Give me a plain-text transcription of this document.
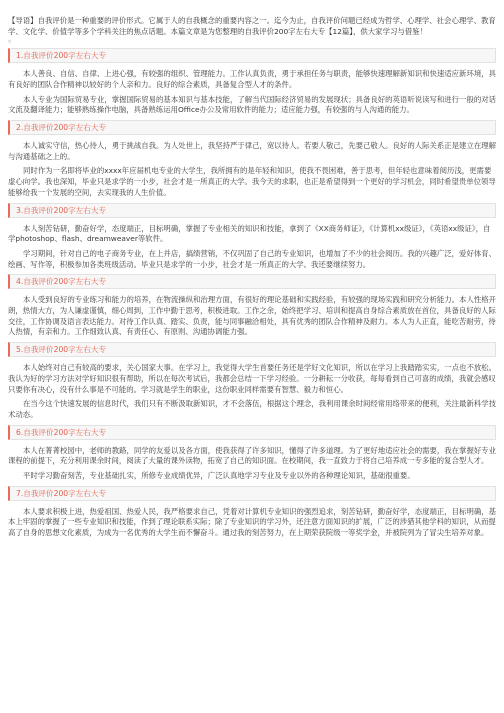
【导语】自我评价是一种重要的评价形式。它属于人的自我概念的重要内容之一。迄今为止，自我评价问题已经成为哲学、心理学、社会心理学、教育学、文化学、价值学等多个学科关注的焦点话题。本篇文章是为您整理的自我评价200字左右大专【12篇】，供大家学习与借鉴！

¤
1.自我评价200字左右大专

本人善良、自信、自律、上进心强，有较强的组织、管理能力。工作认真负责，勇于承担任务与职责，能够快速理解新知识和快速适应新环境，具有良好的团队合作精神以较好的个人亲和力。良好的综合素质，具备复合型人才的条件。

本人专业为国际贸易专业，掌握国际贸易的基本知识与基本技能，了解当代国际经济贸易的发展现状；具备良好的英语听说读写和进行一般的对话文流及翻译能力；能够熟练操作电脑，具备熟练运用Office办公及常用软件的能力；适应能力强，有较强的与人沟通的能力。

2.自我评价200字左右大专

本人诚实守信，热心待人，勇于挑战自我。为人处世上，我坚持严于律己，宽以待人。若要人敬己，先要己敬人。良好的人际关系正是建立在理解与沟通基础之上的。

同时作为一名即将毕业的xxxx年应届机电专业的大学生，我所拥有的是年轻和知识，使我不畏困难，善于思考，但年轻也意味着阅历浅，更需要虚心向学。我也深知，毕业只是求学的一小步，社会才是一所真正的大学。我今天的求职，也正是希望得到一个更好的学习机会，同时希望贵单位领导能够给我一个发展的空间，去实现我的人生价值。

3.自我评价200字左右大专

本人刻苦钻研，勤奋好学，态度端正，目标明确，掌握了专业相关的知识和技能，拿到了《XX商务师证》，《计算机xx级证》，《英语xx级证》，自学photoshop、flash、dreamweaver等软件。

学习期间，针对自己的电子商务专业，在上并店，搞绩营销，不仅巩固了自己的专业知识，也增加了不少的社会阅历。我的兴趣广泛，爱好体育、绘画、写作等，积极参加各类班级活动。毕业只是求学的一小步，社会才是一所真正的大学。我还要继续努力。

4.自我评价200字左右大专

本人受到良好的专业练习和能力的培养，在物流操纵和治理方面，有很好的理论基础和实践经验，有较强的现场实践和研究分析能力。本人性格开朗，热情大方，为人谦虚谨慎，细心周到，工作中勤于思考，积极进取。工作之余，始终把学习、培训和提高自身综合素质放在首位，具备良好的人际交往，工作协调及语言表达能力。对待工作认真、踏实、负责，能与同事融洽相处，具有优秀的团队合作精神及耐力。本人为人正直，能吃苦耐劳，待人热情，有亲和力。工作细致认真、有责任心、有原则、沟通协调能力强。

5.自我评价200字左右大专

本人始终对自己有较高的要求，关心国家大事。在学习上，我觉得大学生首要任务还是学好文化知识，所以在学习上我踏踏实实，一点也不放松。我认为好的学习方法对学好知识很有帮助，所以在每次考试后，我都会总结一下学习经验。一分耕耘一分收获，每每看到自己可喜的成绩，我就会感叹只要你有决心，没有什么事是不可能的。学习就是学生的职业，这份职业同样需要有智慧、毅力和恒心。

在当今这个快速发展的信息时代，我们只有不断汲取新知识，才不会落伍，根据这个理念，我利用课余时间经常用络带来的便利，关注最新科学技术动态。

6.自我评价200字左右大专

本人在菁菁校园中，老师的教路，同学的友爱以及各方面，使我获得了许多知识，懂得了许多道理。为了更好地适应社会的需要，我在掌握好专业课程的前提下，充分利用课余时间，阅读了大量的课外读物，拓宽了自己的知识面。在校期间，我一直致力于将自己培养成一专多能的复合型人才。

平时学习勤奋刻苦，专业基础扎实，所修专业成绩优异，广泛认真地学习专业及专业以外的各种理论知识，基础很重要。

7.自我评价200字左右大专

本人要求积极上进，热爱祖国、热爱人民，我严格要求自己，凭着对计算机专业知识的强烈追求，刻苦钻研，勤奋好学，态度端正，目标明确，基本上牢固的掌握了一些专业知识和技能，作到了理论联系实际；除了专业知识的学习外，还注意方面知识的扩展，广泛的涉猎其他学科的知识，从而提高了自身的思想文化素质，为成为一名优秀的大学生而不懈奋斗。通过我的刻苦努力，在上期荣获院级一等奖学金，并被院列为了冒尖生培养对象。
